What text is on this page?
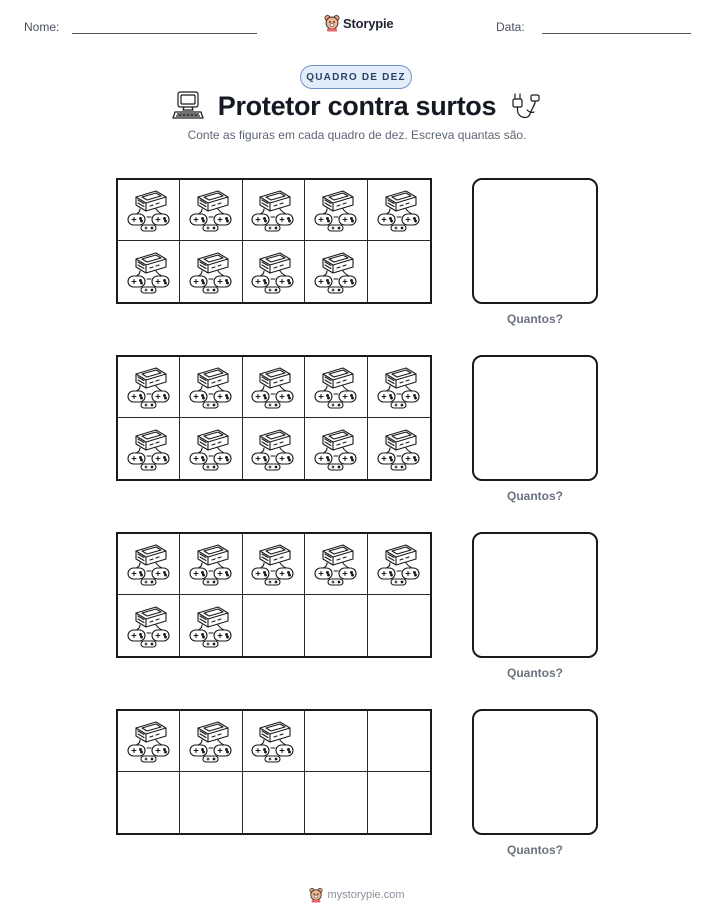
Nome:	Storypie	Data:
QUADRO DE DEZ
Protetor contra surtos
Conte as figuras em cada quadro de dez. Escreva quantas são.
Quantos?
Quantos?
Quantos?
Quantos?
mystorypie.com
